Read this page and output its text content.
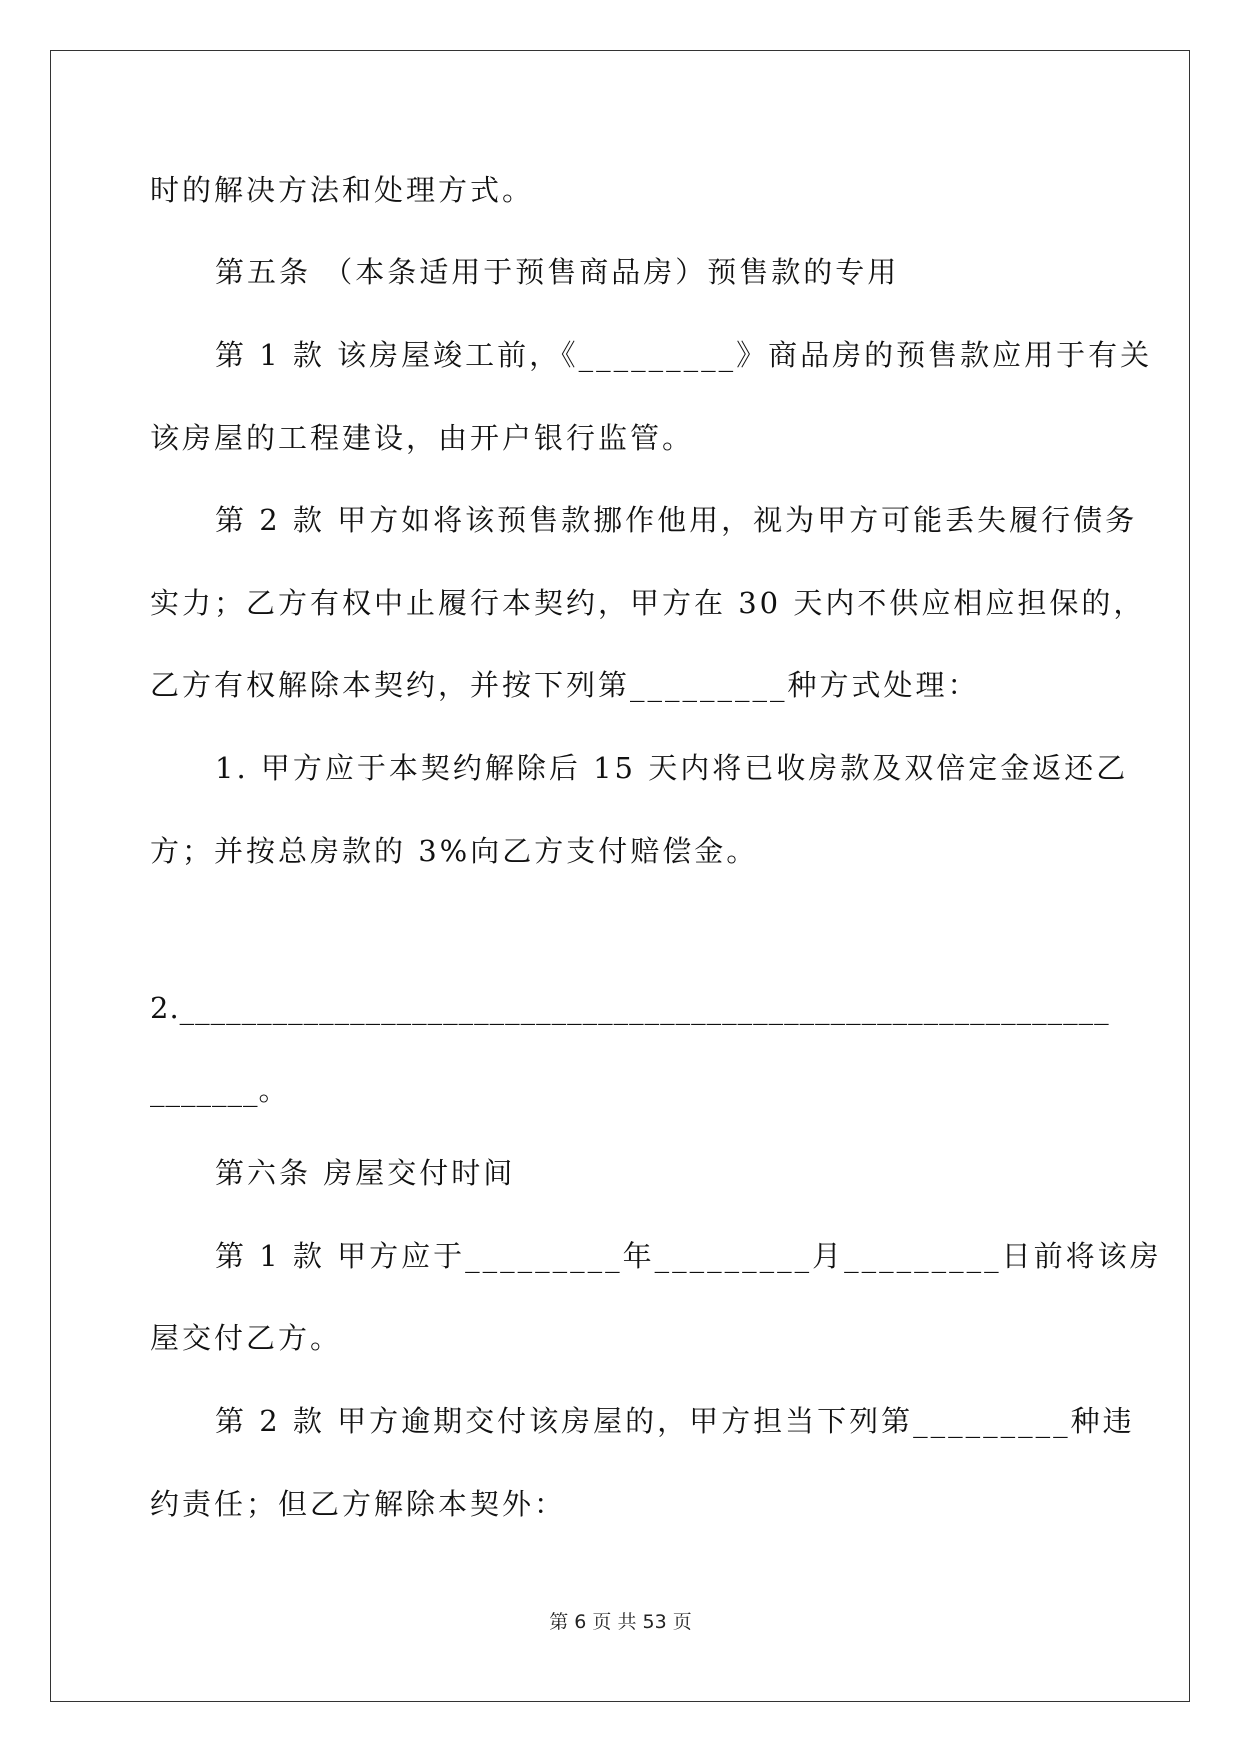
时的解决方法和处理方式。
第五条 （本条适用于预售商品房）预售款的专用
第 1 款 该房屋竣工前，《_________》商品房的预售款应用于有关
该房屋的工程建设，由开户银行监管。
第 2 款 甲方如将该预售款挪作他用，视为甲方可能丢失履行债务
实力；乙方有权中止履行本契约，甲方在 30 天内不供应相应担保的，
乙方有权解除本契约，并按下列第_________种方式处理：
1. 甲方应于本契约解除后 15 天内将已收房款及双倍定金返还乙
方；并按总房款的 3%向乙方支付赔偿金。
2.____________________________________________________________
_______。
第六条 房屋交付时间
第 1 款 甲方应于_________年_________月_________日前将该房
屋交付乙方。
第 2 款 甲方逾期交付该房屋的，甲方担当下列第_________种违
约责任；但乙方解除本契外：
第 6 页 共 53 页
